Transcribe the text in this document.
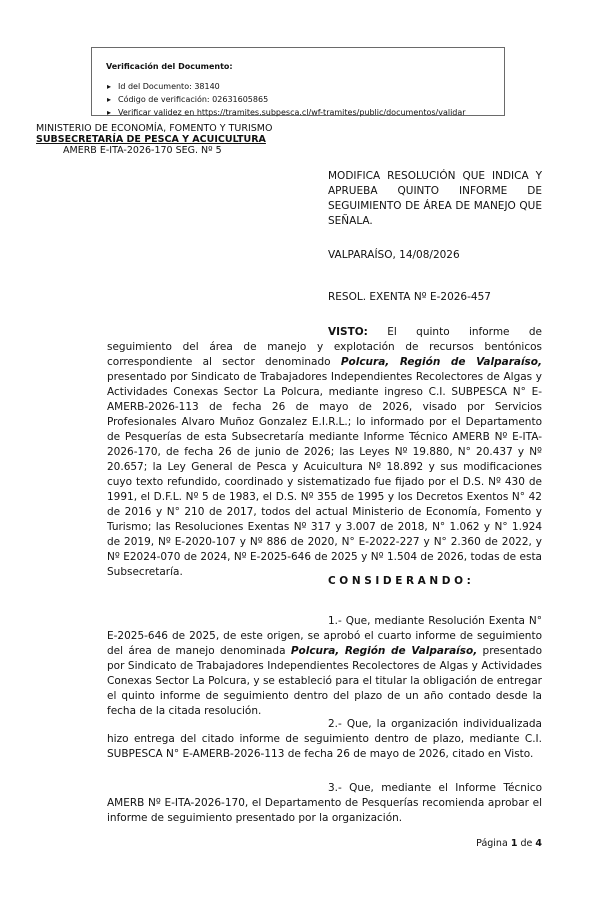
Verificación del Documento:
▸ Id del Documento: 38140
▸ Código de verificación: 02631605865
▸ Verificar validez en https://tramites.subpesca.cl/wf-tramites/public/documentos/validar
MINISTERIO DE ECONOMÍA, FOMENTO Y TURISMO
SUBSECRETARÍA DE PESCA Y ACUICULTURA
AMERB E-ITA-2026-170 SEG. Nº 5
MODIFICA RESOLUCIÓN QUE INDICA Y APRUEBA QUINTO INFORME DE SEGUIMIENTO DE ÁREA DE MANEJO QUE SEÑALA.
VALPARAÍSO, 14/08/2026
RESOL. EXENTA Nº E-2026-457
VISTO: El quinto informe de seguimiento del área de manejo y explotación de recursos bentónicos correspondiente al sector denominado Polcura, Región de Valparaíso, presentado por Sindicato de Trabajadores Independientes Recolectores de Algas y Actividades Conexas Sector La Polcura, mediante ingreso C.I. SUBPESCA N° E-AMERB-2026-113 de fecha 26 de mayo de 2026, visado por Servicios Profesionales Alvaro Muñoz Gonzalez E.I.R.L.; lo informado por el Departamento de Pesquerías de esta Subsecretaría mediante Informe Técnico AMERB Nº E-ITA-2026-170, de fecha 26 de junio de 2026; las Leyes Nº 19.880, N° 20.437 y Nº 20.657; la Ley General de Pesca y Acuicultura Nº 18.892 y sus modificaciones cuyo texto refundido, coordinado y sistematizado fue fijado por el D.S. Nº 430 de 1991, el D.F.L. Nº 5 de 1983, el D.S. Nº 355 de 1995 y los Decretos Exentos N° 42 de 2016 y N° 210 de 2017, todos del actual Ministerio de Economía, Fomento y Turismo; las Resoluciones Exentas Nº 317 y 3.007 de 2018, N° 1.062 y N° 1.924 de 2019, Nº E-2020-107 y Nº 886 de 2020, N° E-2022-227 y N° 2.360 de 2022, y Nº E2024-070 de 2024, Nº E-2025-646 de 2025 y Nº 1.504 de 2026, todas de esta Subsecretaría.
CONSIDERANDO:
1.- Que, mediante Resolución Exenta N° E-2025-646 de 2025, de este origen, se aprobó el cuarto informe de seguimiento del área de manejo denominada Polcura, Región de Valparaíso, presentado por Sindicato de Trabajadores Independientes Recolectores de Algas y Actividades Conexas Sector La Polcura, y se estableció para el titular la obligación de entregar el quinto informe de seguimiento dentro del plazo de un año contado desde la fecha de la citada resolución.
2.- Que, la organización individualizada hizo entrega del citado informe de seguimiento dentro de plazo, mediante C.I. SUBPESCA N° E-AMERB-2026-113 de fecha 26 de mayo de 2026, citado en Visto.
3.- Que, mediante el Informe Técnico AMERB Nº E-ITA-2026-170, el Departamento de Pesquerías recomienda aprobar el informe de seguimiento presentado por la organización.
Página 1 de 4
